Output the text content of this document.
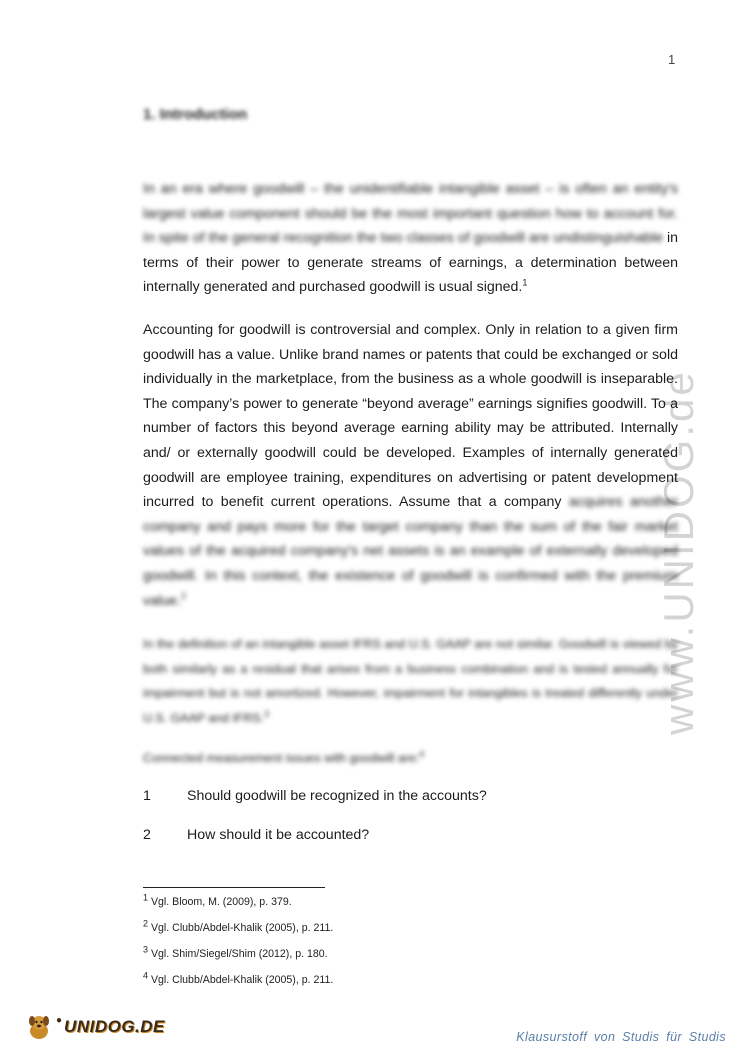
1
www.UNIDOG.de
1. Introduction
In an era where goodwill – the unidentifiable intangible asset – is often an entity's largest value component should be the most important question how to account for. In spite of the general recognition the two classes of goodwill are undistinguishable in terms of their power to generate streams of earnings, a determination between internally generated and purchased goodwill is usual signed.$^1$
Accounting for goodwill is controversial and complex. Only in relation to a given firm goodwill has a value. Unlike brand names or patents that could be exchanged or sold individually in the marketplace, from the business as a whole goodwill is inseparable. The company’s power to generate “beyond average” earnings signifies goodwill. To a number of factors this beyond average earning ability may be attributed. Internally and/ or externally goodwill could be developed. Examples of internally generated goodwill are employee training, expenditures on advertising or patent development incurred to benefit current operations. Assume that a company acquires another company and pays more for the target company than the sum of the fair market values of the acquired company's net assets is an example of externally developed goodwill. In this context, the existence of goodwill is confirmed with the premium value.$^2$
In the definition of an intangible asset IFRS and U.S. GAAP are not similar. Goodwill is viewed by both similarly as a residual that arises from a business combination and is tested annually for impairment but is not amortized. However, impairment for intangibles is treated differently under U.S. GAAP and IFRS.$^3$
Connected measurement issues with goodwill are:$^4$
1	Should goodwill be recognized in the accounts?
2	How should it be accounted?
$^1$ Vgl. Bloom, M. (2009), p. 379.
$^2$ Vgl. Clubb/Abdel-Khalik (2005), p. 211.
$^3$ Vgl. Shim/Siegel/Shim (2012), p. 180.
$^4$ Vgl. Clubb/Abdel-Khalik (2005), p. 211.
● UNIDOG.DE
Klausurstoff von Studis für Studis
